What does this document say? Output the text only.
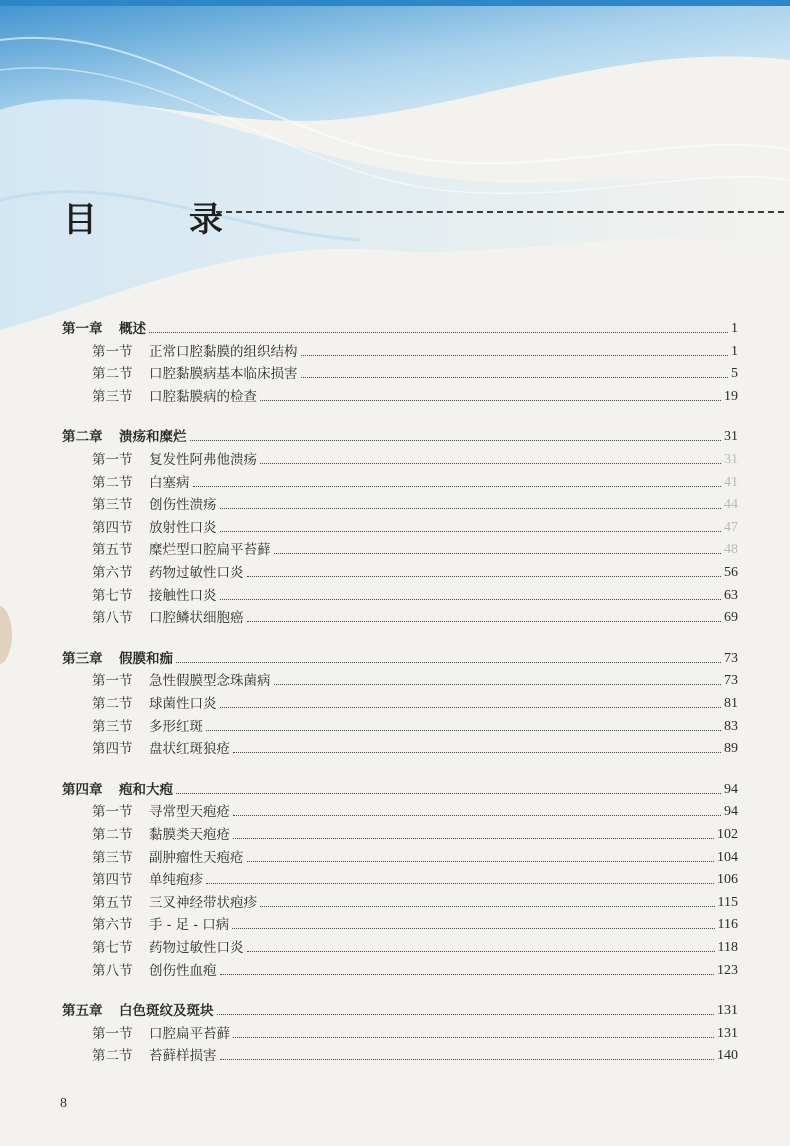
目 录
第一章 概述	1
第一节 正常口腔黏膜的组织结构	1
第二节 口腔黏膜病基本临床损害	5
第三节 口腔黏膜病的检查	19
第二章 溃疡和糜烂	31
第一节 复发性阿弗他溃疡	31
第二节 白塞病	41
第三节 创伤性溃疡	44
第四节 放射性口炎	47
第五节 糜烂型口腔扁平苔藓	48
第六节 药物过敏性口炎	56
第七节 接触性口炎	63
第八节 口腔鳞状细胞癌	69
第三章 假膜和痂	73
第一节 急性假膜型念珠菌病	73
第二节 球菌性口炎	81
第三节 多形红斑	83
第四节 盘状红斑狼疮	89
第四章 疱和大疱	94
第一节 寻常型天疱疮	94
第二节 黏膜类天疱疮	102
第三节 副肿瘤性天疱疮	104
第四节 单纯疱疹	106
第五节 三叉神经带状疱疹	115
第六节 手 - 足 - 口病	116
第七节 药物过敏性口炎	118
第八节 创伤性血疱	123
第五章 白色斑纹及斑块	131
第一节 口腔扁平苔藓	131
第二节 苔藓样损害	140
8
